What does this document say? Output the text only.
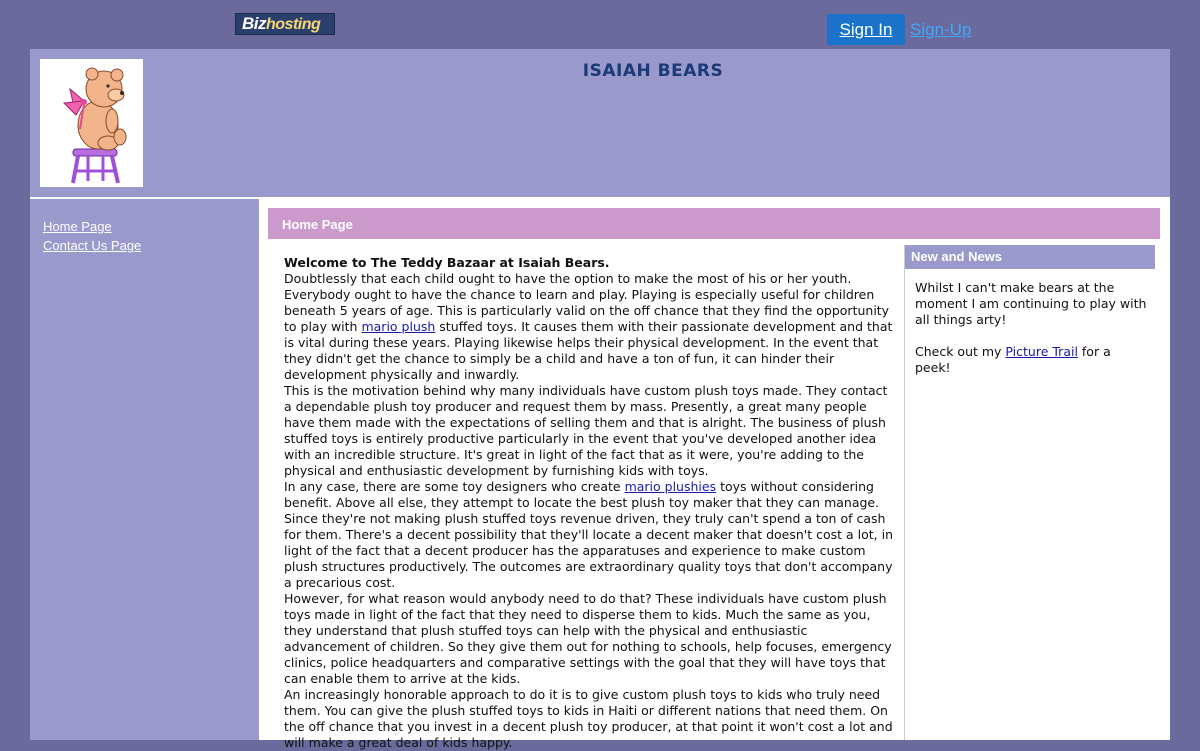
Bizhosting	Sign In	Sign-Up
ISAIAH BEARS
Home Page
Contact Us Page
Home Page

Welcome to The Teddy Bazaar at Isaiah Bears.

Doubtlessly that each child ought to have the option to make the most of his or her youth. Everybody ought to have the chance to learn and play. Playing is especially useful for children beneath 5 years of age. This is particularly valid on the off chance that they find the opportunity to play with mario plush stuffed toys. It causes them with their passionate development and that is vital during these years. Playing likewise helps their physical development. In the event that they didn't get the chance to simply be a child and have a ton of fun, it can hinder their development physically and inwardly.

This is the motivation behind why many individuals have custom plush toys made. They contact a dependable plush toy producer and request them by mass. Presently, a great many people have them made with the expectations of selling them and that is alright. The business of plush stuffed toys is entirely productive particularly in the event that you've developed another idea with an incredible structure. It's great in light of the fact that as it were, you're adding to the physical and enthusiastic development by furnishing kids with toys.

In any case, there are some toy designers who create mario plushies toys without considering benefit. Above all else, they attempt to locate the best plush toy maker that they can manage. Since they're not making plush stuffed toys revenue driven, they truly can't spend a ton of cash for them. There's a decent possibility that they'll locate a decent maker that doesn't cost a lot, in light of the fact that a decent producer has the apparatuses and experience to make custom plush structures productively. The outcomes are extraordinary quality toys that don't accompany a precarious cost.

However, for what reason would anybody need to do that? These individuals have custom plush toys made in light of the fact that they need to disperse them to kids. Much the same as you, they understand that plush stuffed toys can help with the physical and enthusiastic advancement of children. So they give them out for nothing to schools, help focuses, emergency clinics, police headquarters and comparative settings with the goal that they will have toys that can enable them to arrive at the kids.

An increasingly honorable approach to do it is to give custom plush toys to kids who truly need them. You can give the plush stuffed toys to kids in Haiti or different nations that need them. On the off chance that you invest in a decent plush toy producer, at that point it won't cost a lot and will make a great deal of kids happy.

New and News

Whilst I can't make bears at the moment I am continuing to play with all things arty!

Check out my Picture Trail for a peek!
